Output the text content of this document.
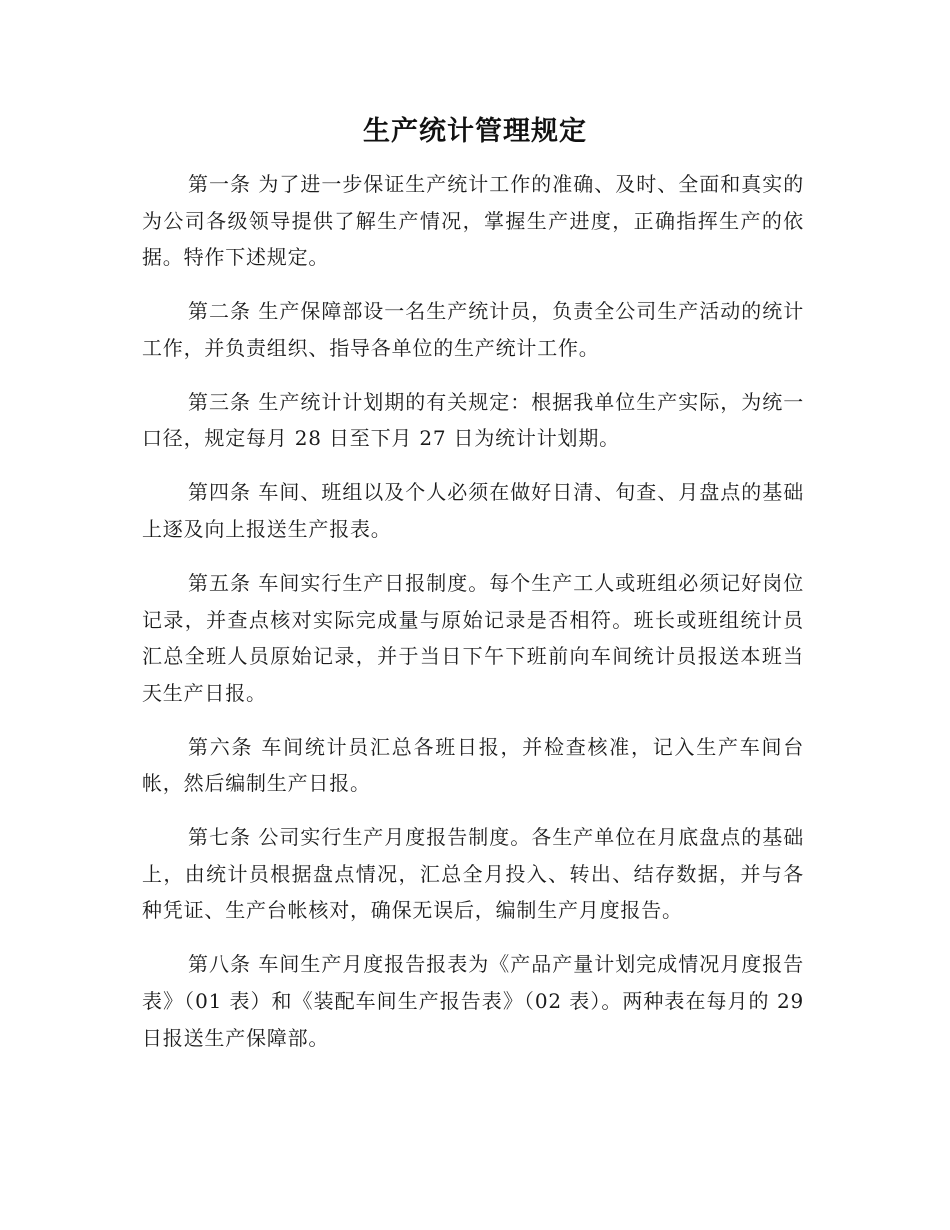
生产统计管理规定

第一条 为了进一步保证生产统计工作的准确、及时、全面和真实的为公司各级领导提供了解生产情况，掌握生产进度，正确指挥生产的依据。特作下述规定。

第二条 生产保障部设一名生产统计员，负责全公司生产活动的统计工作，并负责组织、指导各单位的生产统计工作。

第三条 生产统计计划期的有关规定：根据我单位生产实际，为统一口径，规定每月 28 日至下月 27 日为统计计划期。

第四条 车间、班组以及个人必须在做好日清、旬查、月盘点的基础上逐及向上报送生产报表。

第五条 车间实行生产日报制度。每个生产工人或班组必须记好岗位记录，并查点核对实际完成量与原始记录是否相符。班长或班组统计员汇总全班人员原始记录，并于当日下午下班前向车间统计员报送本班当天生产日报。

第六条 车间统计员汇总各班日报，并检查核准，记入生产车间台帐，然后编制生产日报。

第七条 公司实行生产月度报告制度。各生产单位在月底盘点的基础上，由统计员根据盘点情况，汇总全月投入、转出、结存数据，并与各种凭证、生产台帐核对，确保无误后，编制生产月度报告。

第八条 车间生产月度报告报表为《产品产量计划完成情况月度报告表》（01 表）和《装配车间生产报告表》（02 表）。两种表在每月的 29 日报送生产保障部。
